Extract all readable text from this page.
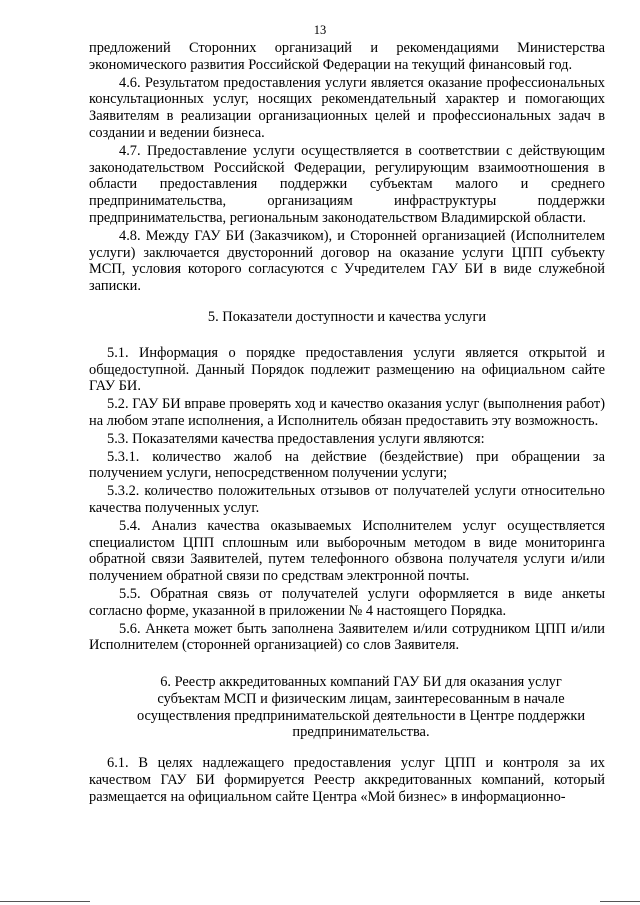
13

предложений Сторонних организаций и рекомендациями Министерства экономического развития Российской Федерации на текущий финансовый год.

4.6. Результатом предоставления услуги является оказание профессиональных консультационных услуг, носящих рекомендательный характер и помогающих Заявителям в реализации организационных целей и профессиональных задач в создании и ведении бизнеса.

4.7. Предоставление услуги осуществляется в соответствии с действующим законодательством Российской Федерации, регулирующим взаимоотношения в области предоставления поддержки субъектам малого и среднего предпринимательства, организациям инфраструктуры поддержки предпринимательства, региональным законодательством Владимирской области.

4.8. Между ГАУ БИ (Заказчиком), и Сторонней организацией (Исполнителем услуги) заключается двусторонний договор на оказание услуги ЦПП субъекту МСП, условия которого согласуются с Учредителем ГАУ БИ в виде служебной записки.

5. Показатели доступности и качества услуги

5.1. Информация о порядке предоставления услуги является открытой и общедоступной. Данный Порядок подлежит размещению на официальном сайте ГАУ БИ.

5.2. ГАУ БИ вправе проверять ход и качество оказания услуг (выполнения работ) на любом этапе исполнения, а Исполнитель обязан предоставить эту возможность.

5.3. Показателями качества предоставления услуги являются:

5.3.1. количество жалоб на действие (бездействие) при обращении за получением услуги, непосредственном получении услуги;

5.3.2. количество положительных отзывов от получателей услуги относительно качества полученных услуг.

5.4. Анализ качества оказываемых Исполнителем услуг осуществляется специалистом ЦПП сплошным или выборочным методом в виде мониторинга обратной связи Заявителей, путем телефонного обзвона получателя услуги и/или получением обратной связи по средствам электронной почты.

5.5. Обратная связь от получателей услуги оформляется в виде анкеты согласно форме, указанной в приложении № 4 настоящего Порядка.

5.6. Анкета может быть заполнена Заявителем и/или сотрудником ЦПП и/или Исполнителем (сторонней организацией) со слов Заявителя.

6. Реестр аккредитованных компаний ГАУ БИ для оказания услуг
субъектам МСП и физическим лицам, заинтересованным в начале
осуществления предпринимательской деятельности в Центре поддержки
предпринимательства.

6.1. В целях надлежащего предоставления услуг ЦПП и контроля за их качеством ГАУ БИ формируется Реестр аккредитованных компаний, который размещается на официальном сайте Центра «Мой бизнес» в информационно-
